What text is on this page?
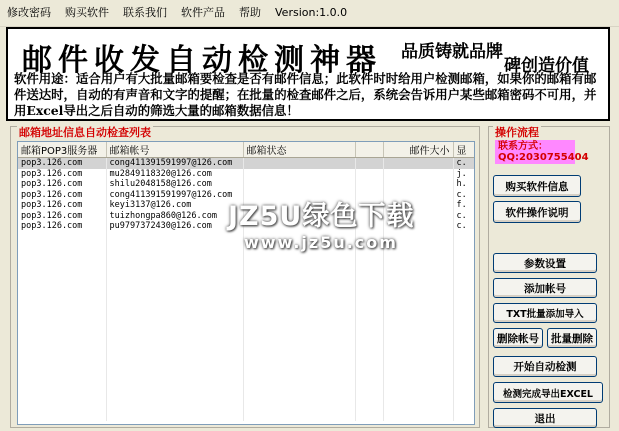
修改密码	购买软件	联系我们	软件产品	帮助	Version:1.0.0
邮件收发自动检测神器 品质铸就品牌
碑创造价值
软件用途：适合用户有大批量邮箱要检查是否有邮件信息；此软件时时给用户检测邮箱，如果你的邮箱有邮件送达时，自动的有声音和文字的提醒；在批量的检查邮件之后，系统会告诉用户某些邮箱密码不可用，并用Excel导出之后自动的筛选大量的邮箱数据信息！
邮箱地址信息自动检查列表
邮箱POP3服务器	邮箱帐号	邮箱状态		邮件大小	显
pop3.126.com	cong411391591997@126.com				c.
pop3.126.com	mu2849118320@126.com				j.
pop3.126.com	shilu2048158@126.com				h.
pop3.126.com	cong411391591997@126.com				c.
pop3.126.com	keyi3137@126.com				f.
pop3.126.com	tuizhongpa860@126.com				c.
pop3.126.com	pu9797372430@126.com				c.

操作流程
联系方式：
QQ:2030755404
购买软件信息
软件操作说明
参数设置
添加帐号
TXT批量添加导入
删除帐号	批量删除
开始自动检测
检测完成导出EXCEL
退出
JZ5U绿色下载
www.jz5u.com
